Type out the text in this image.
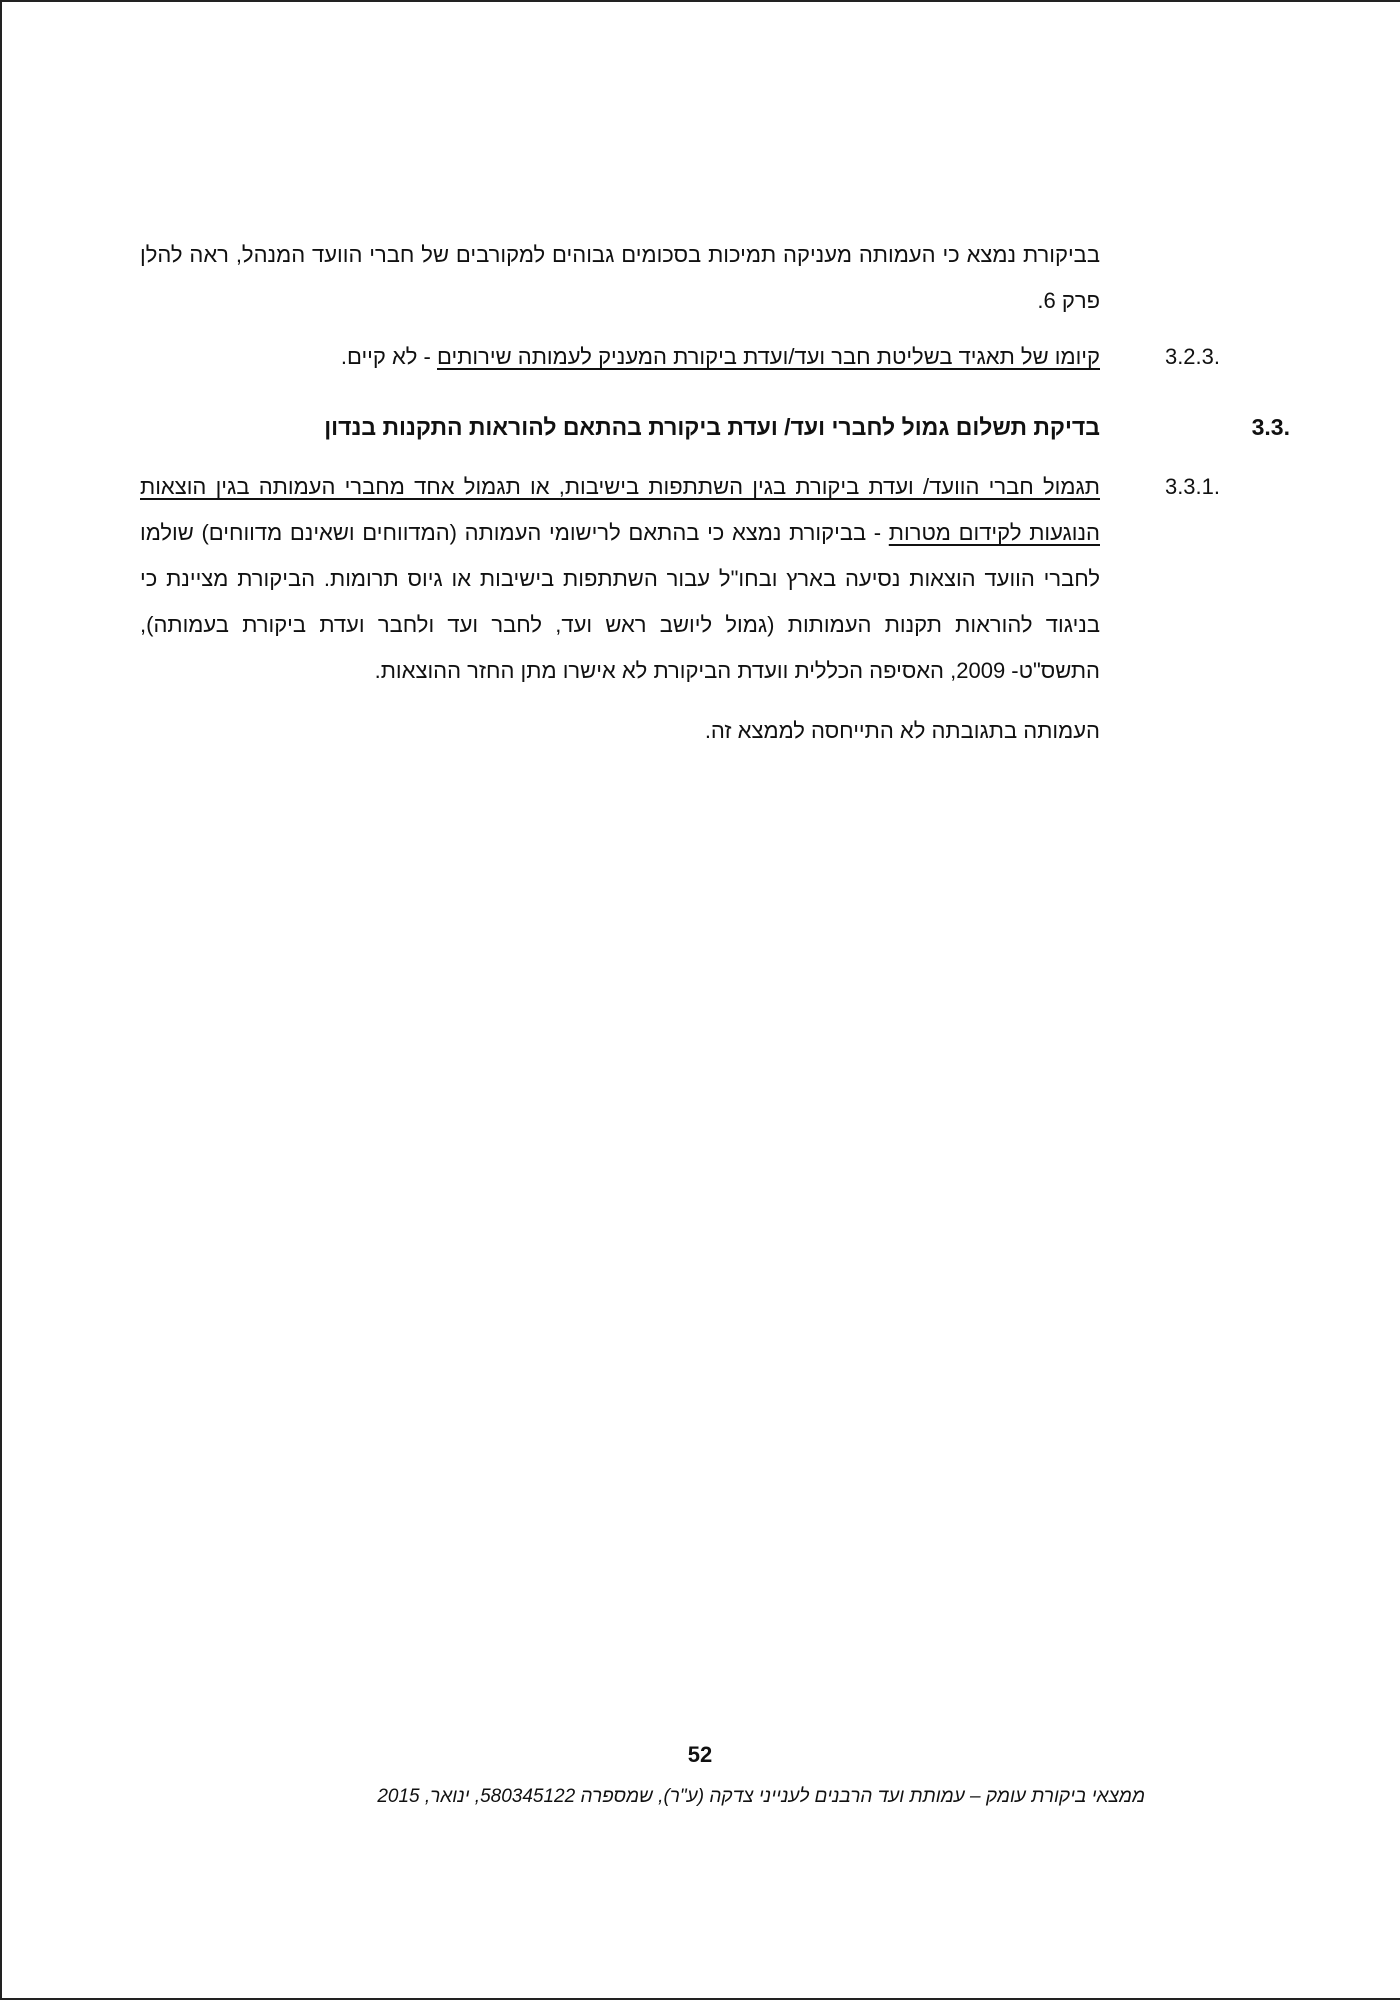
בביקורת נמצא כי העמותה מעניקה תמיכות בסכומים גבוהים למקורבים של חברי הוועד המנהל, ראה להלן פרק 6.

3.2.3.
קיומו של תאגיד בשליטת חבר ועד/ועדת ביקורת המעניק לעמותה שירותים - לא קיים.
3.3.
בדיקת תשלום גמול לחברי ועד/ ועדת ביקורת בהתאם להוראות התקנות בנדון
3.3.1.
תגמול חברי הוועד/ ועדת ביקורת בגין השתתפות בישיבות, או תגמול אחד מחברי העמותה בגין הוצאות הנוגעות לקידום מטרות - בביקורת נמצא כי בהתאם לרישומי העמותה (המדווחים ושאינם מדווחים) שולמו לחברי הוועד הוצאות נסיעה בארץ ובחו"ל עבור השתתפות בישיבות או גיוס תרומות. הביקורת מציינת כי בניגוד להוראות תקנות העמותות (גמול ליושב ראש ועד, לחבר ועד ולחבר ועדת ביקורת בעמותה), התשס"ט- 2009, האסיפה הכללית וועדת הביקורת לא אישרו מתן החזר ההוצאות.

העמותה בתגובתה לא התייחסה לממצא זה.

52
ממצאי ביקורת עומק – עמותת ועד הרבנים לענייני צדקה (ע"ר), שמספרה 580345122, ינואר, 2015
